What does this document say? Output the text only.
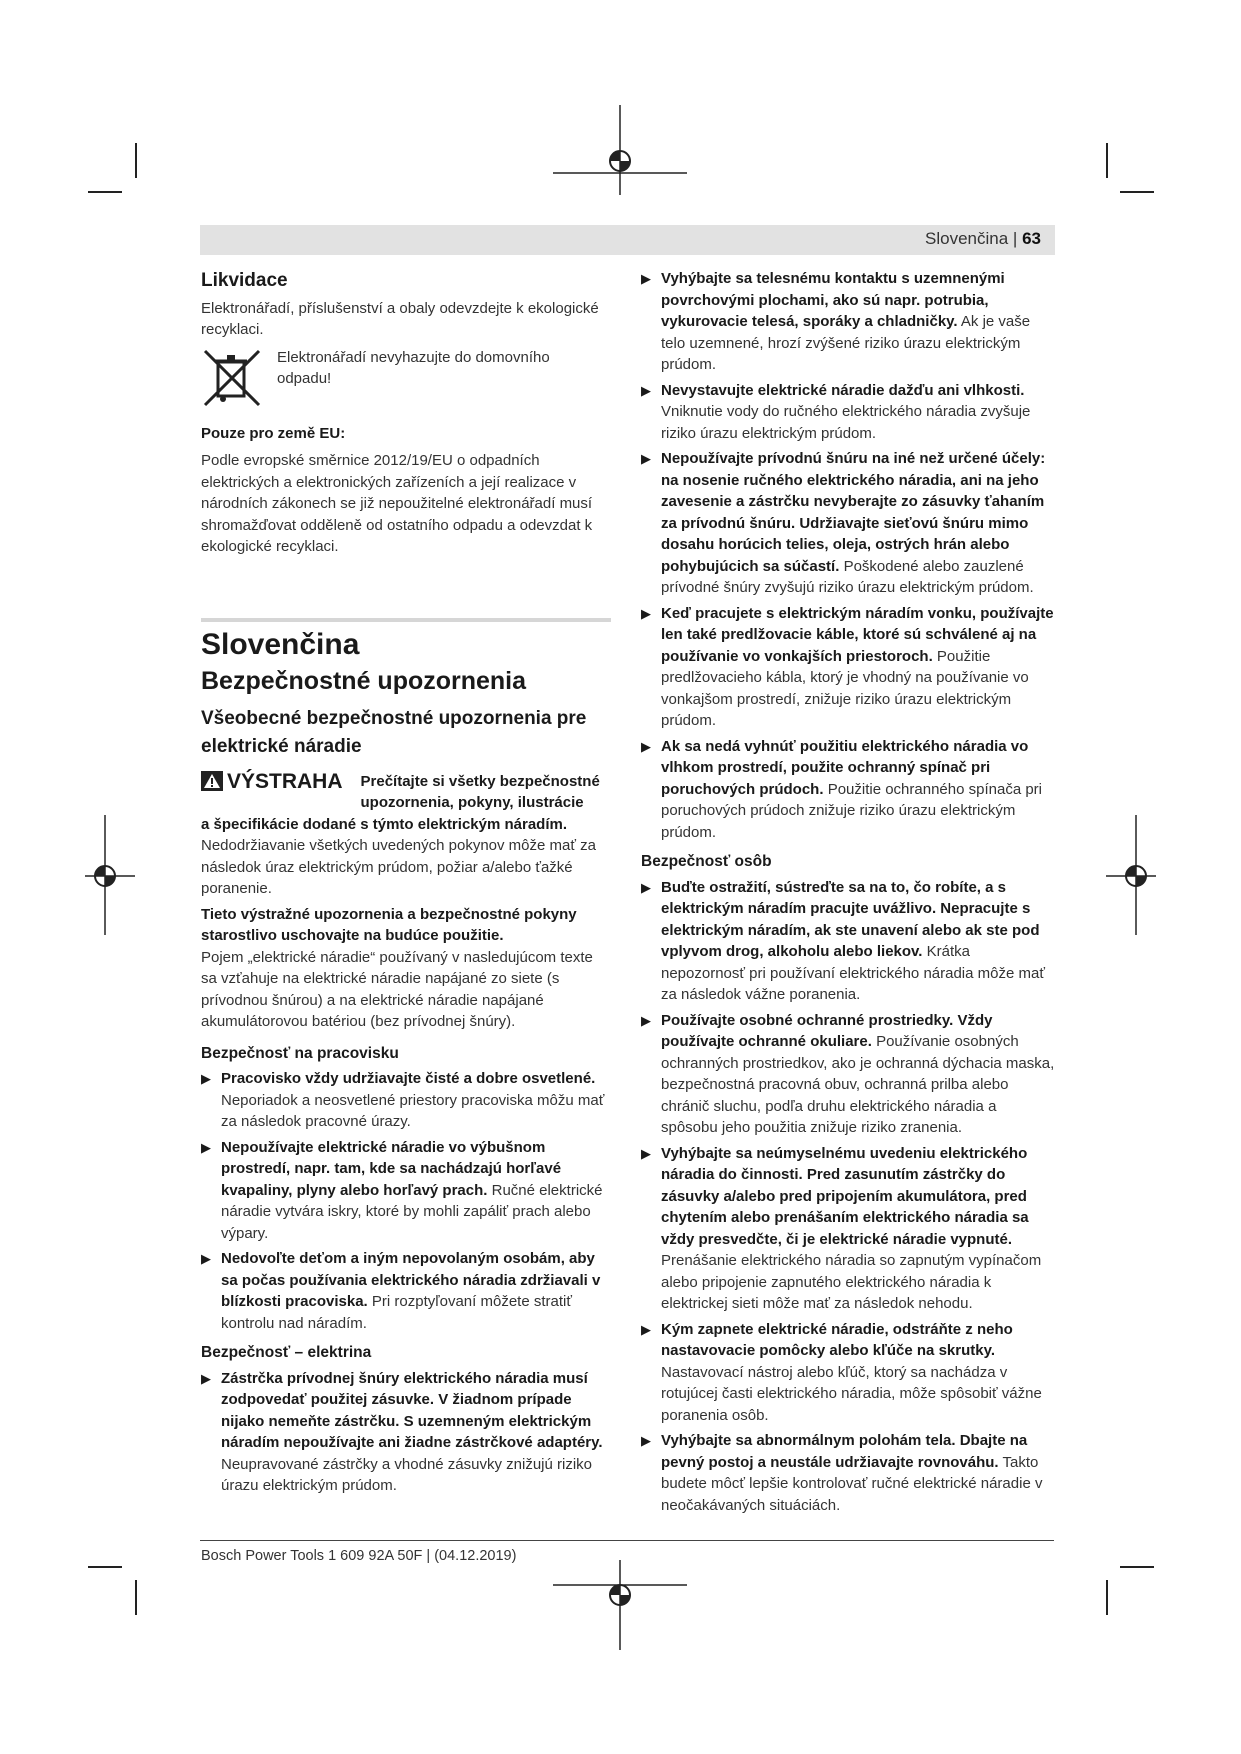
Slovenčina | 63
Likvidace

Elektronářadí, příslušenství a obaly odevzdejte k ekologické recyklaci.

Elektronářadí nevyhazujte do domovního odpadu!

Pouze pro země EU:

Podle evropské směrnice 2012/19/EU o odpadních elektrických a elektronických zařízeních a její realizace v národních zákonech se již nepoužitelné elektronářadí musí shromažďovat odděleně od ostatního odpadu a odevzdat k ekologické recyklaci.

Slovenčina
Bezpečnostné upozornenia
Všeobecné bezpečnostné upozornenia pre elektrické náradie
VÝSTRAHA Prečítajte si všetky bezpečnostné upozornenia, pokyny, ilustrácie

a špecifikácie dodané s týmto elektrickým náradím.

Nedodržiavanie všetkých uvedených pokynov môže mať za následok úraz elektrickým prúdom, požiar a/alebo ťažké poranenie.

Tieto výstražné upozornenia a bezpečnostné pokyny starostlivo uschovajte na budúce použitie.

Pojem „elektrické náradie“ používaný v nasledujúcom texte sa vzťahuje na elektrické náradie napájané zo siete (s prívodnou šnúrou) a na elektrické náradie napájané akumulátorovou batériou (bez prívodnej šnúry).

Bezpečnosť na pracovisku
▶ Pracovisko vždy udržiavajte čisté a dobre osvetlené. Neporiadok a neosvetlené priestory pracoviska môžu mať za následok pracovné úrazy.
▶ Nepoužívajte elektrické náradie vo výbušnom prostredí, napr. tam, kde sa nachádzajú horľavé kvapaliny, plyny alebo horľavý prach. Ručné elektrické náradie vytvára iskry, ktoré by mohli zapáliť prach alebo výpary.
▶ Nedovoľte deťom a iným nepovolaným osobám, aby sa počas používania elektrického náradia zdržiavali v blízkosti pracoviska. Pri rozptyľovaní môžete stratiť kontrolu nad náradím.
Bezpečnosť – elektrina
▶ Zástrčka prívodnej šnúry elektrického náradia musí zodpovedať použitej zásuvke. V žiadnom prípade nijako nemeňte zástrčku. S uzemneným elektrickým náradím nepoužívajte ani žiadne zástrčkové adaptéry. Neupravované zástrčky a vhodné zásuvky znižujú riziko úrazu elektrickým prúdom.
▶ Vyhýbajte sa telesnému kontaktu s uzemnenými povrchovými plochami, ako sú napr. potrubia, vykurovacie telesá, sporáky a chladničky. Ak je vaše telo uzemnené, hrozí zvýšené riziko úrazu elektrickým prúdom.
▶ Nevystavujte elektrické náradie dažďu ani vlhkosti. Vniknutie vody do ručného elektrického náradia zvyšuje riziko úrazu elektrickým prúdom.
▶ Nepoužívajte prívodnú šnúru na iné než určené účely: na nosenie ručného elektrického náradia, ani na jeho zavesenie a zástrčku nevyberajte zo zásuvky ťahaním za prívodnú šnúru. Udržiavajte sieťovú šnúru mimo dosahu horúcich telies, oleja, ostrých hrán alebo pohybujúcich sa súčastí. Poškodené alebo zauzlené prívodné šnúry zvyšujú riziko úrazu elektrickým prúdom.
▶ Keď pracujete s elektrickým náradím vonku, používajte len také predlžovacie káble, ktoré sú schválené aj na používanie vo vonkajších priestoroch. Použitie predlžovacieho kábla, ktorý je vhodný na používanie vo vonkajšom prostredí, znižuje riziko úrazu elektrickým prúdom.
▶ Ak sa nedá vyhnúť použitiu elektrického náradia vo vlhkom prostredí, použite ochranný spínač pri poruchových prúdoch. Použitie ochranného spínača pri poruchových prúdoch znižuje riziko úrazu elektrickým prúdom.
Bezpečnosť osôb
▶ Buďte ostražití, sústreďte sa na to, čo robíte, a s elektrickým náradím pracujte uvážlivo. Nepracujte s elektrickým náradím, ak ste unavení alebo ak ste pod vplyvom drog, alkoholu alebo liekov. Krátka nepozornosť pri používaní elektrického náradia môže mať za následok vážne poranenia.
▶ Používajte osobné ochranné prostriedky. Vždy používajte ochranné okuliare. Používanie osobných ochranných prostriedkov, ako je ochranná dýchacia maska, bezpečnostná pracovná obuv, ochranná prilba alebo chránič sluchu, podľa druhu elektrického náradia a spôsobu jeho použitia znižuje riziko zranenia.
▶ Vyhýbajte sa neúmyselnému uvedeniu elektrického náradia do činnosti. Pred zasunutím zástrčky do zásuvky a/alebo pred pripojením akumulátora, pred chytením alebo prenášaním elektrického náradia sa vždy presvedčte, či je elektrické náradie vypnuté. Prenášanie elektrického náradia so zapnutým vypínačom alebo pripojenie zapnutého elektrického náradia k elektrickej sieti môže mať za následok nehodu.
▶ Kým zapnete elektrické náradie, odstráňte z neho nastavovacie pomôcky alebo kľúče na skrutky. Nastavovací nástroj alebo kľúč, ktorý sa nachádza v rotujúcej časti elektrického náradia, môže spôsobiť vážne poranenia osôb.
▶ Vyhýbajte sa abnormálnym polohám tela. Dbajte na pevný postoj a neustále udržiavajte rovnováhu. Takto budete môcť lepšie kontrolovať ručné elektrické náradie v neočakávaných situáciách.
Bosch Power Tools 1 609 92A 50F | (04.12.2019)
